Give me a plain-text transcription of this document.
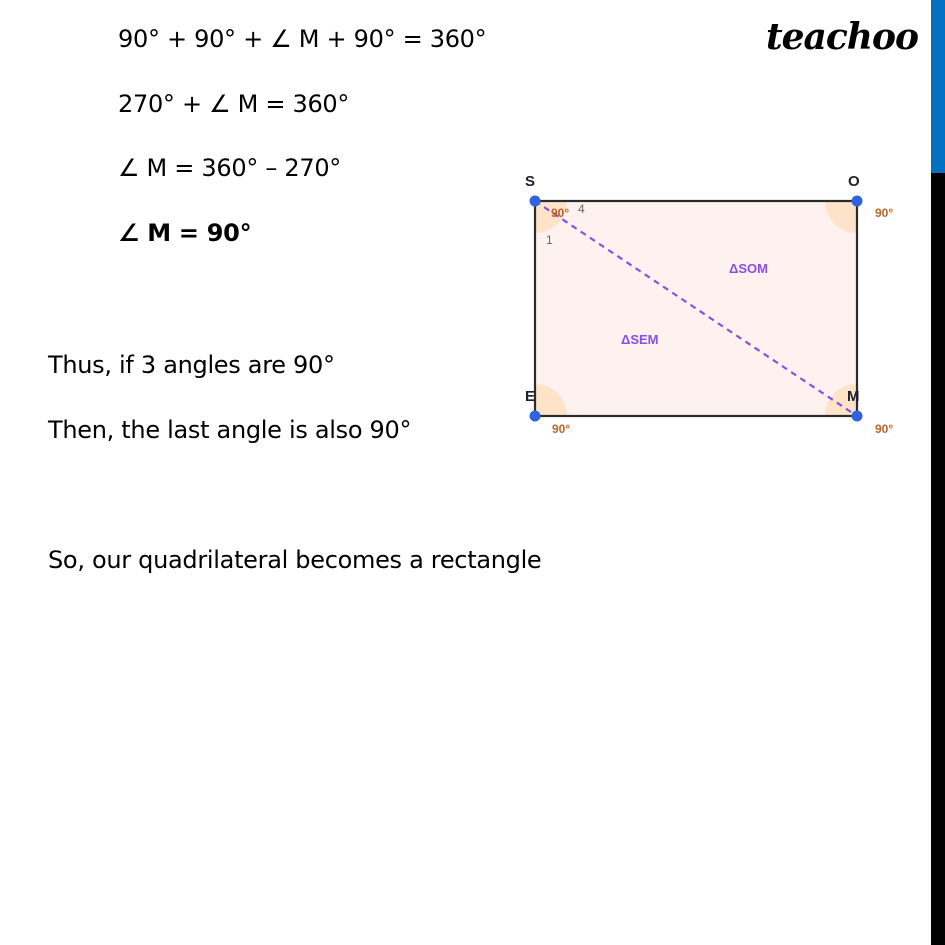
teachoo
90° + 90° + ∠ M + 90° = 360°
270° + ∠ M = 360°
∠ M = 360° – 270°
∠ M = 90°
Thus, if 3 angles are 90°
Then, the last angle is also 90°
So, our quadrilateral becomes a rectangle
S	O
E	M
90°	90°
90°	90°
4
1
ΔSOM
ΔSEM
